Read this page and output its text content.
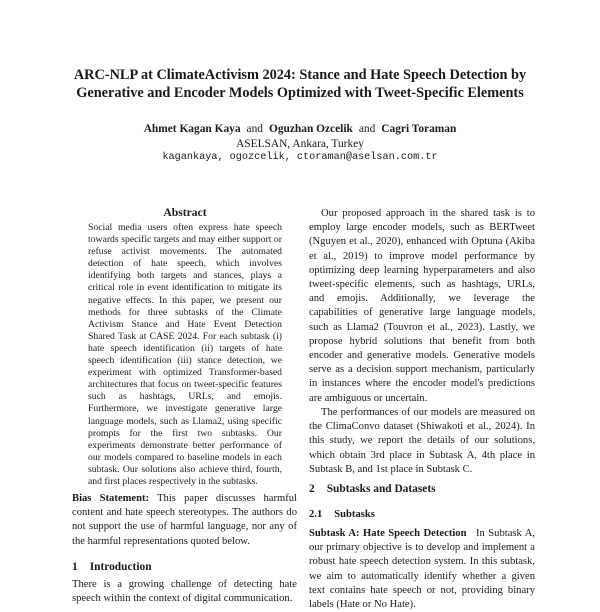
ARC-NLP at ClimateActivism 2024: Stance and Hate Speech Detection by Generative and Encoder Models Optimized with Tweet-Specific Elements
Ahmet Kagan Kaya and Oguzhan Ozcelik and Cagri Toraman
ASELSAN, Ankara, Turkey
kagankaya, ogozcelik, ctoraman@aselsan.com.tr
Abstract
Social media users often express hate speech towards specific targets and may either support or refuse activist movements. The automated detection of hate speech, which involves identifying both targets and stances, plays a critical role in event identification to mitigate its negative effects. In this paper, we present our methods for three subtasks of the Climate Activism Stance and Hate Event Detection Shared Task at CASE 2024. For each subtask (i) hate speech identification (ii) targets of hate speech identification (iii) stance detection, we experiment with optimized Transformer-based architectures that focus on tweet-specific features such as hashtags, URLs, and emojis. Furthermore, we investigate generative large language models, such as Llama2, using specific prompts for the first two subtasks. Our experiments demonstrate better performance of our models compared to baseline models in each subtask. Our solutions also achieve third, fourth, and first places respectively in the subtasks.
Bias Statement: This paper discusses harmful content and hate speech stereotypes. The authors do not support the use of harmful language, nor any of the harmful representations quoted below.
1 Introduction
There is a growing challenge of detecting hate speech within the context of digital communication.
Our proposed approach in the shared task is to employ large encoder models, such as BERTweet (Nguyen et al., 2020), enhanced with Optuna (Akiba et al., 2019) to improve model performance by optimizing deep learning hyperparameters and also tweet-specific elements, such as hashtags, URLs, and emojis. Additionally, we leverage the capabilities of generative large language models, such as Llama2 (Touvron et al., 2023). Lastly, we propose hybrid solutions that benefit from both encoder and generative models. Generative models serve as a decision support mechanism, particularly in instances where the encoder model's predictions are ambiguous or uncertain.
The performances of our models are measured on the ClimaConvo dataset (Shiwakoti et al., 2024). In this study, we report the details of our solutions, which obtain 3rd place in Subtask A, 4th place in Subtask B, and 1st place in Subtask C.
2 Subtasks and Datasets
2.1 Subtasks
Subtask A: Hate Speech Detection In Subtask A, our primary objective is to develop and implement a robust hate speech detection system. In this subtask, we aim to automatically identify whether a given text contains hate speech or not, providing binary labels (Hate or No Hate).
